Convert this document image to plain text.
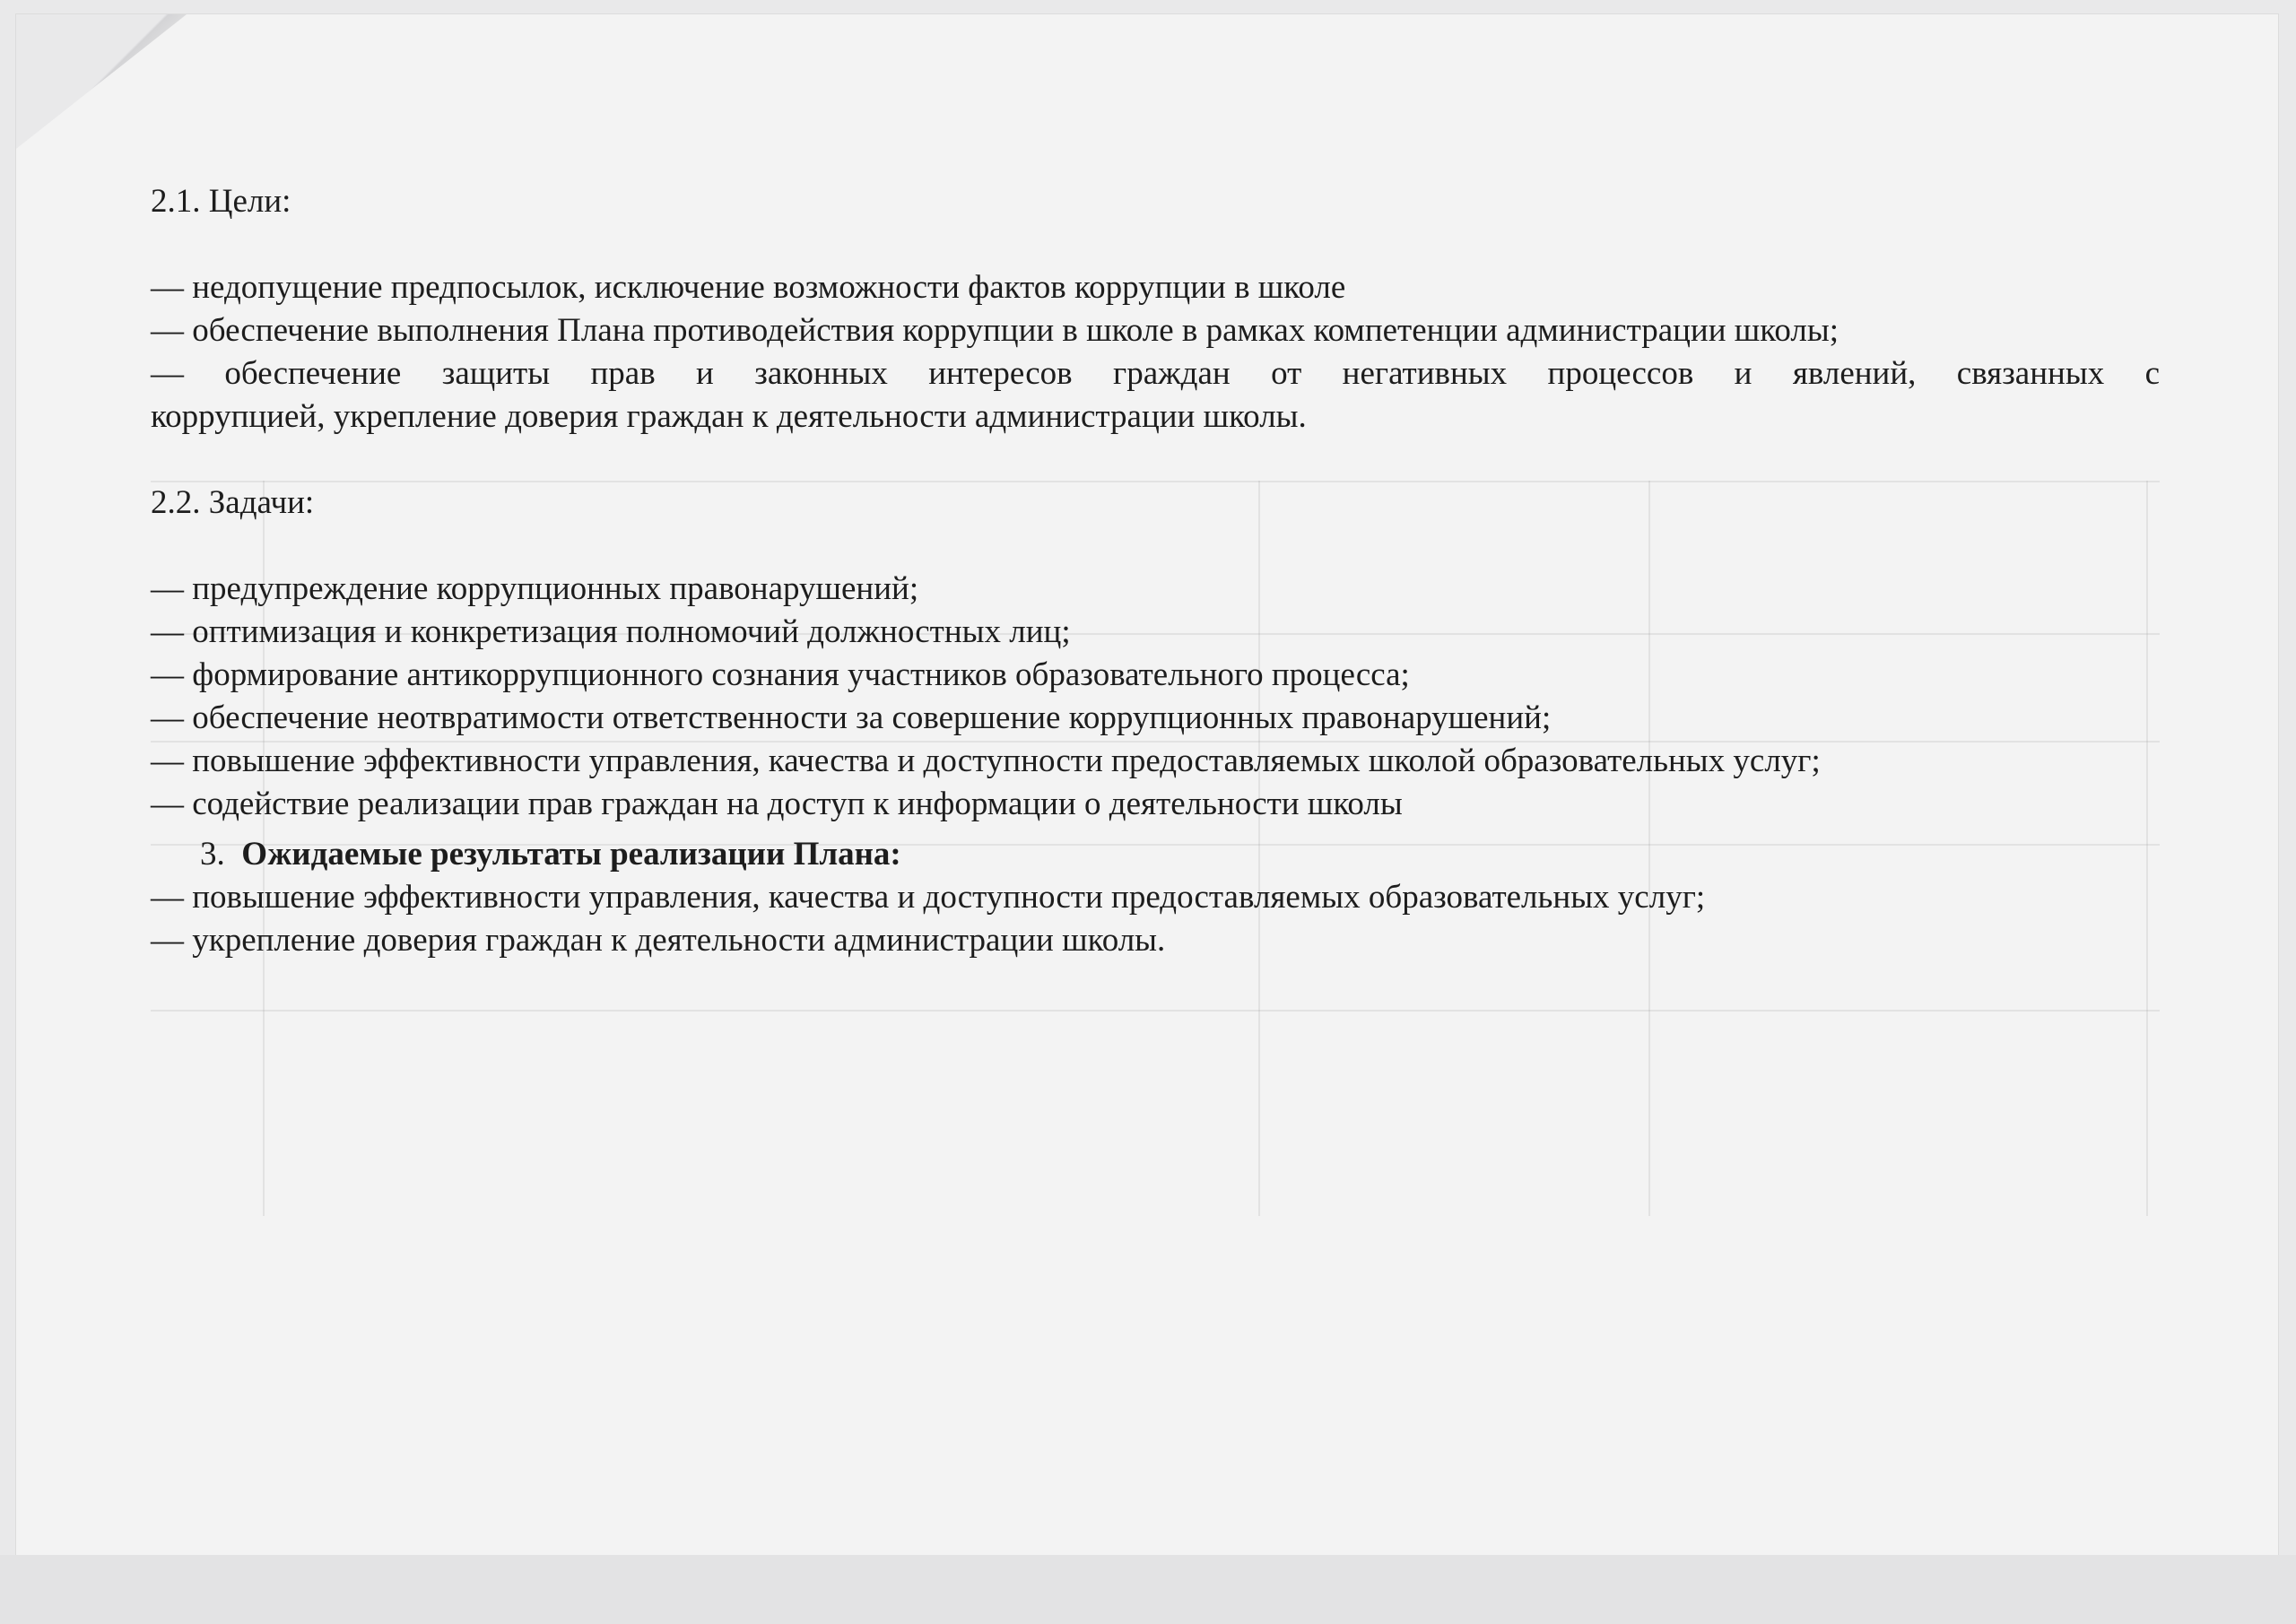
2.1. Цели:
— недопущение предпосылок, исключение возможности фактов коррупции в школе
— обеспечение выполнения Плана противодействия коррупции в школе в рамках компетенции администрации школы;
— обеспечение защиты прав и законных интересов граждан от негативных процессов и явлений, связанных с
коррупцией, укрепление доверия граждан к деятельности администрации школы.
2.2. Задачи:
— предупреждение коррупционных правонарушений;
— оптимизация и конкретизация полномочий должностных лиц;
— формирование антикоррупционного сознания участников образовательного процесса;
— обеспечение неотвратимости ответственности за совершение коррупционных правонарушений;
— повышение эффективности управления, качества и доступности предоставляемых школой образовательных услуг;
— содействие реализации прав граждан на доступ к информации о деятельности школы
3. Ожидаемые результаты реализации Плана:
— повышение эффективности управления, качества и доступности предоставляемых образовательных услуг;
— укрепление доверия граждан к деятельности администрации школы.
